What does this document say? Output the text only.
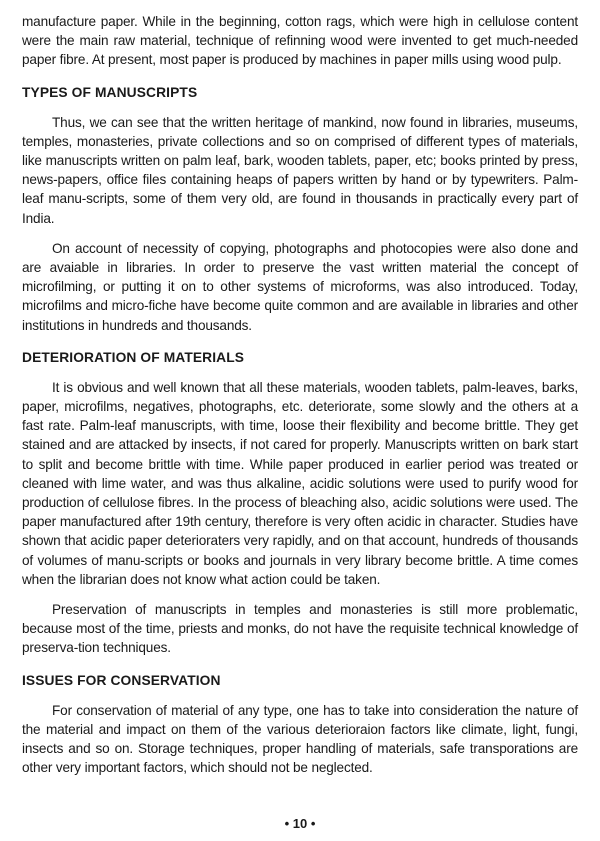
manufacture paper. While in the beginning, cotton rags, which were high in cellulose content were the main raw material, technique of refinning wood were invented to get much-needed paper fibre. At present, most paper is produced by machines in paper mills using wood pulp.

TYPES OF MANUSCRIPTS

Thus, we can see that the written heritage of mankind, now found in libraries, museums, temples, monasteries, private collections and so on comprised of different types of materials, like manuscripts written on palm leaf, bark, wooden tablets, paper, etc; books printed by press, news-papers, office files containing heaps of papers written by hand or by typewriters. Palm-leaf manu-scripts, some of them very old, are found in thousands in practically every part of India.

On account of necessity of copying, photographs and photocopies were also done and are avaiable in libraries. In order to preserve the vast written material the concept of microfilming, or putting it on to other systems of microforms, was also introduced. Today, microfilms and micro-fiche have become quite common and are available in libraries and other institutions in hundreds and thousands.

DETERIORATION OF MATERIALS

It is obvious and well known that all these materials, wooden tablets, palm-leaves, barks, paper, microfilms, negatives, photographs, etc. deteriorate, some slowly and the others at a fast rate. Palm-leaf manuscripts, with time, loose their flexibility and become brittle. They get stained and are attacked by insects, if not cared for properly. Manuscripts written on bark start to split and become brittle with time. While paper produced in earlier period was treated or cleaned with lime water, and was thus alkaline, acidic solutions were used to purify wood for production of cellulose fibres. In the process of bleaching also, acidic solutions were used. The paper manufactured after 19th century, therefore is very often acidic in character. Studies have shown that acidic paper deterioraters very rapidly, and on that account, hundreds of thousands of volumes of manu-scripts or books and journals in very library become brittle. A time comes when the librarian does not know what action could be taken.

Preservation of manuscripts in temples and monasteries is still more problematic, because most of the time, priests and monks, do not have the requisite technical knowledge of preserva-tion techniques.

ISSUES FOR CONSERVATION

For conservation of material of any type, one has to take into consideration the nature of the material and impact on them of the various deterioraion factors like climate, light, fungi, insects and so on. Storage techniques, proper handling of materials, safe transporations are other very important factors, which should not be neglected.

• 10 •
